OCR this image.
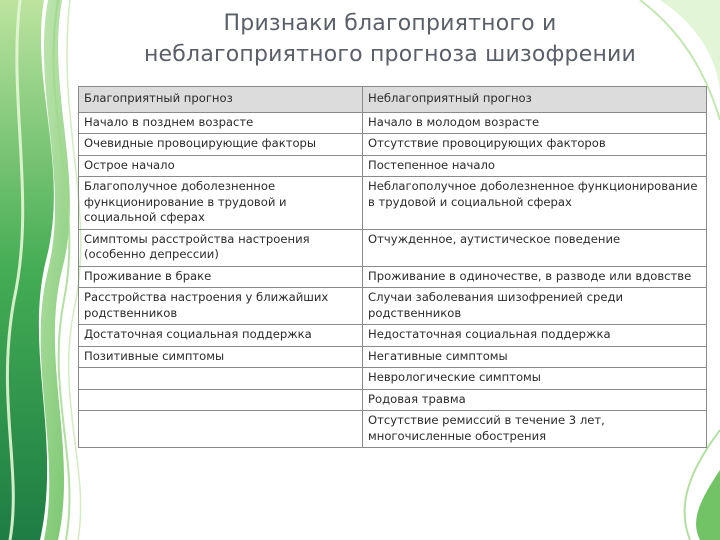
Признаки благоприятного и
неблагоприятного прогноза шизофрении
Благоприятный прогноз	Неблагоприятный прогноз
Начало в позднем возрасте	Начало в молодом возрасте
Очевидные провоцирующие факторы	Отсутствие провоцирующих факторов
Острое начало	Постепенное начало
Благополучное доболезненное функционирование в трудовой и социальной сферах	Неблагополучное доболезненное функционирование в трудовой и социальной сферах
Симптомы расстройства настроения (особенно депрессии)	Отчужденное, аутистическое поведение
Проживание в браке	Проживание в одиночестве, в разводе или вдовстве
Расстройства настроения у ближайших родственников	Случаи заболевания шизофренией среди родственников
Достаточная социальная поддержка	Недостаточная социальная поддержка
Позитивные симптомы	Негативные симптомы
	Неврологические симптомы
	Родовая травма
	Отсутствие ремиссий в течение 3 лет, многочисленные обострения
